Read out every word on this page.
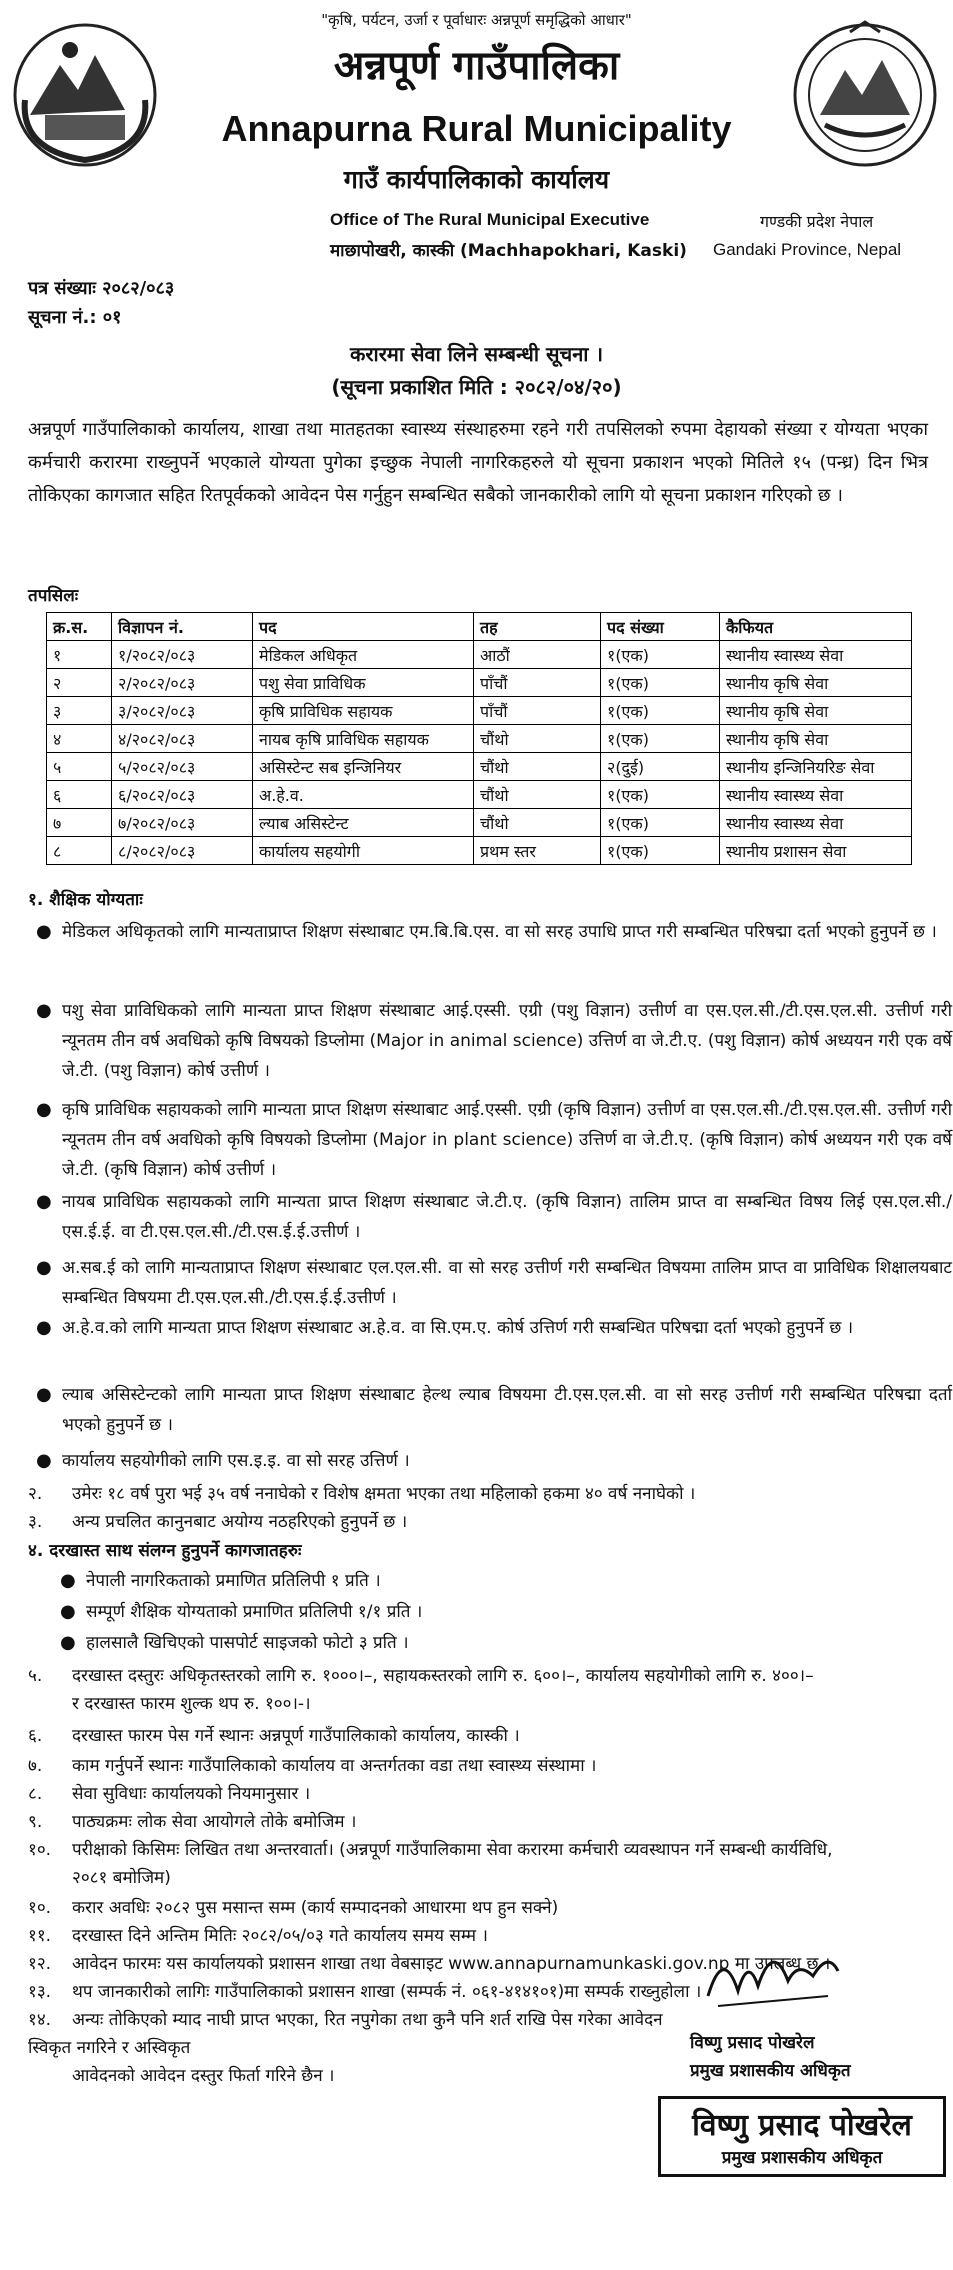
"कृषि, पर्यटन, उर्जा र पूर्वाधारः अन्नपूर्ण समृद्धिको आधार"
अन्नपूर्ण गाउँपालिका
Annapurna Rural Municipality
गाउँ कार्यपालिकाको कार्यालय
Office of The Rural Municipal Executive
माछापोखरी, कास्की (Machhapokhari, Kaski)
गण्डकी प्रदेश नेपाल
Gandaki Province, Nepal
पत्र संख्याः २०८२/०८३
सूचना नं.: ०१
करारमा सेवा लिने सम्बन्धी सूचना ।
(सूचना प्रकाशित मिति : २०८२/०४/२०)
अन्नपूर्ण गाउँपालिकाको कार्यालय, शाखा तथा मातहतका स्वास्थ्य संस्थाहरुमा रहने गरी तपसिलको रुपमा देहायको संख्या र योग्यता भएका कर्मचारी करारमा राख्नुपर्ने भएकाले योग्यता पुगेका इच्छुक नेपाली नागरिकहरुले यो सूचना प्रकाशन भएको मितिले १५ (पन्ध्र) दिन भित्र तोकिएका कागजात सहित रितपूर्वकको आवेदन पेस गर्नुहुन सम्बन्धित सबैको जानकारीको लागि यो सूचना प्रकाशन गरिएको छ ।
तपसिलः
क्र.स.	विज्ञापन नं.	पद	तह	पद संख्या	कैफियत
१	१/२०८२/०८३	मेडिकल अधिकृत	आठौं	१(एक)	स्थानीय स्वास्थ्य सेवा
२	२/२०८२/०८३	पशु सेवा प्राविधिक	पाँचौं	१(एक)	स्थानीय कृषि सेवा
३	३/२०८२/०८३	कृषि प्राविधिक सहायक	पाँचौं	१(एक)	स्थानीय कृषि सेवा
४	४/२०८२/०८३	नायब कृषि प्राविधिक सहायक	चौंथो	१(एक)	स्थानीय कृषि सेवा
५	५/२०८२/०८३	असिस्टेन्ट सब इन्जिनियर	चौंथो	२(दुई)	स्थानीय इन्जिनियरिङ सेवा
६	६/२०८२/०८३	अ.हे.व.	चौंथो	१(एक)	स्थानीय स्वास्थ्य सेवा
७	७/२०८२/०८३	ल्याब असिस्टेन्ट	चौंथो	१(एक)	स्थानीय स्वास्थ्य सेवा
८	८/२०८२/०८३	कार्यालय सहयोगी	प्रथम स्तर	१(एक)	स्थानीय प्रशासन सेवा
१. शैक्षिक योग्यताः
● मेडिकल अधिकृतको लागि मान्यताप्राप्त शिक्षण संस्थाबाट एम.बि.बि.एस. वा सो सरह उपाधि प्राप्त गरी सम्बन्धित परिषद्मा दर्ता भएको हुनुपर्ने छ ।
● पशु सेवा प्राविधिकको लागि मान्यता प्राप्त शिक्षण संस्थाबाट आई.एस्सी. एग्री (पशु विज्ञान) उत्तीर्ण वा एस.एल.सी./टी.एस.एल.सी. उत्तीर्ण गरी न्यूनतम तीन वर्ष अवधिको कृषि विषयको डिप्लोमा (Major in animal science) उत्तिर्ण वा जे.टी.ए. (पशु विज्ञान) कोर्ष अध्ययन गरी एक वर्षे जे.टी. (पशु विज्ञान) कोर्ष उत्तीर्ण ।
● कृषि प्राविधिक सहायकको लागि मान्यता प्राप्त शिक्षण संस्थाबाट आई.एस्सी. एग्री (कृषि विज्ञान) उत्तीर्ण वा एस.एल.सी./टी.एस.एल.सी. उत्तीर्ण गरी न्यूनतम तीन वर्ष अवधिको कृषि विषयको डिप्लोमा (Major in plant science) उत्तिर्ण वा जे.टी.ए. (कृषि विज्ञान) कोर्ष अध्ययन गरी एक वर्षे जे.टी. (कृषि विज्ञान) कोर्ष उत्तीर्ण ।
● नायब प्राविधिक सहायकको लागि मान्यता प्राप्त शिक्षण संस्थाबाट जे.टी.ए. (कृषि विज्ञान) तालिम प्राप्त वा सम्बन्धित विषय लिई एस.एल.सी./एस.ई.ई. वा टी.एस.एल.सी./टी.एस.ई.ई.उत्तीर्ण ।
● अ.सब.ई को लागि मान्यताप्राप्त शिक्षण संस्थाबाट एल.एल.सी. वा सो सरह उत्तीर्ण गरी सम्बन्धित विषयमा तालिम प्राप्त वा प्राविधिक शिक्षालयबाट सम्बन्धित विषयमा टी.एस.एल.सी./टी.एस.ई.ई.उत्तीर्ण ।
● अ.हे.व.को लागि मान्यता प्राप्त शिक्षण संस्थाबाट अ.हे.व. वा सि.एम.ए. कोर्ष उत्तिर्ण गरी सम्बन्धित परिषद्मा दर्ता भएको हुनुपर्ने छ ।
● ल्याब असिस्टेन्टको लागि मान्यता प्राप्त शिक्षण संस्थाबाट हेल्थ ल्याब विषयमा टी.एस.एल.सी. वा सो सरह उत्तीर्ण गरी सम्बन्धित परिषद्मा दर्ता भएको हुनुपर्ने छ ।
● कार्यालय सहयोगीको लागि एस.इ.इ. वा सो सरह उत्तिर्ण ।
२. उमेरः १८ वर्ष पुरा भई ३५ वर्ष ननाघेको र विशेष क्षमता भएका तथा महिलाको हकमा ४० वर्ष ननाघेको ।
३. अन्य प्रचलित कानुनबाट अयोग्य नठहरिएको हुनुपर्ने छ ।
४. दरखास्त साथ संलग्न हुनुपर्ने कागजातहरुः
● नेपाली नागरिकताको प्रमाणित प्रतिलिपी १ प्रति ।
● सम्पूर्ण शैक्षिक योग्यताको प्रमाणित प्रतिलिपी १/१ प्रति ।
● हालसालै खिचिएको पासपोर्ट साइजको फोटो ३ प्रति ।
५. दरखास्त दस्तुरः अधिकृतस्तरको लागि रु. १०००।–, सहायकस्तरको लागि रु. ६००।–, कार्यालय सहयोगीको लागि रु. ४००।–
र दरखास्त फारम शुल्क थप रु. १००।-।
६. दरखास्त फारम पेस गर्ने स्थानः अन्नपूर्ण गाउँपालिकाको कार्यालय, कास्की ।
७. काम गर्नुपर्ने स्थानः गाउँपालिकाको कार्यालय वा अन्तर्गतका वडा तथा स्वास्थ्य संस्थामा ।
८. सेवा सुविधाः कार्यालयको नियमानुसार ।
९. पाठ्यक्रमः लोक सेवा आयोगले तोके बमोजिम ।
१०. परीक्षाको किसिमः लिखित तथा अन्तरवार्ता। (अन्नपूर्ण गाउँपालिकामा सेवा करारमा कर्मचारी व्यवस्थापन गर्ने सम्बन्धी कार्यविधि,
२०८१ बमोजिम)
१०. करार अवधिः २०८२ पुस मसान्त सम्म (कार्य सम्पादनको आधारमा थप हुन सक्ने)
११. दरखास्त दिने अन्तिम मितिः २०८२/०५/०३ गते कार्यालय समय सम्म ।
१२. आवेदन फारमः यस कार्यालयको प्रशासन शाखा तथा वेबसाइट www.annapurnamunkaski.gov.np मा उपलब्ध छ ।
१३. थप जानकारीको लागिः गाउँपालिकाको प्रशासन शाखा (सम्पर्क नं. ०६१-४१४१०१)मा सम्पर्क राख्नुहोला ।
१४. अन्यः तोकिएको म्याद नाघी प्राप्त भएका, रित नपुगेका तथा कुनै पनि शर्त राखि पेस गरेका आवेदन स्विकृत नगरिने र अस्विकृत
आवेदनको आवेदन दस्तुर फिर्ता गरिने छैन ।
विष्णु प्रसाद पोखरेल
प्रमुख प्रशासकीय अधिकृत
विष्णु प्रसाद पोखरेल
प्रमुख प्रशासकीय अधिकृत
